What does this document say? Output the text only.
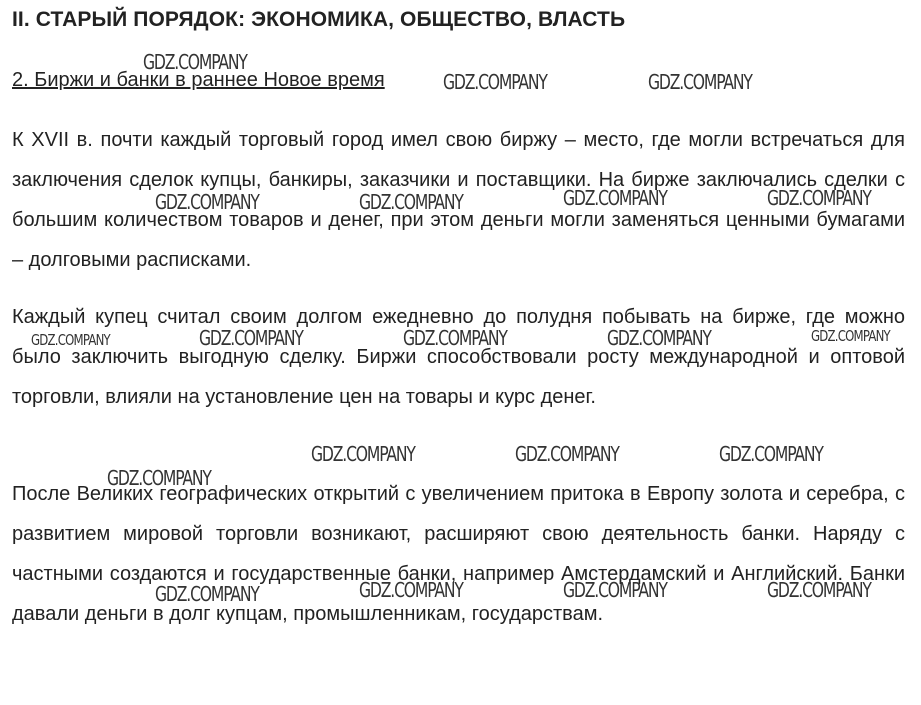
II. СТАРЫЙ ПОРЯДОК: ЭКОНОМИКА, ОБЩЕСТВО, ВЛАСТЬ
2. Биржи и банки в раннее Новое время
К XVII в. почти каждый торговый город имел свою биржу – место, где могли встречаться для заключения сделок купцы, банкиры, заказчики и поставщики. На бирже заключались сделки с большим количеством товаров и денег, при этом деньги могли заменяться ценными бумагами – долговыми расписками.
Каждый купец считал своим долгом ежедневно до полудня побывать на бирже, где можно было заключить выгодную сделку. Биржи способствовали росту международной и оптовой торговли, влияли на установление цен на товары и курс денег.
После Великих географических открытий с увеличением притока в Европу золота и серебра, с развитием мировой торговли возникают, расширяют свою деятельность банки. Наряду с частными создаются и государственные банки, например Амстердамский и Английский. Банки давали деньги в долг купцам, промышленникам, государствам.
GDZ.COMPANY
GDZ.COMPANY	GDZ.COMPANY
GDZ.COMPANY	GDZ.COMPANY	GDZ.COMPANY	GDZ.COMPANY
GDZ.COMPANY	GDZ.COMPANY	GDZ.COMPANY	GDZ.COMPANY	GDZ.COMPANY
GDZ.COMPANY	GDZ.COMPANY	GDZ.COMPANY
GDZ.COMPANY
GDZ.COMPANY	GDZ.COMPANY	GDZ.COMPANY	GDZ.COMPANY
